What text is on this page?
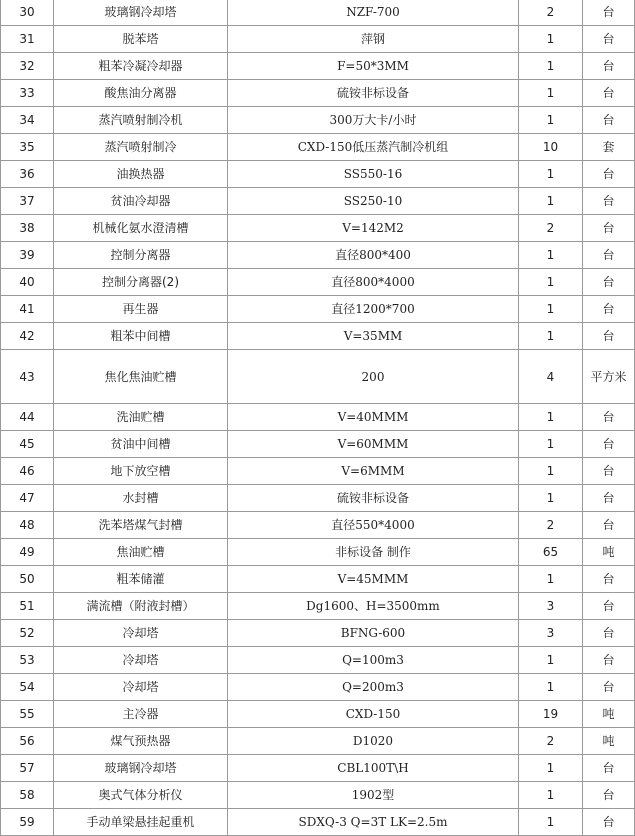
30	玻璃钢冷却塔	NZF-700	2	台
31	脱苯塔	萍钢	1	台
32	粗苯冷凝冷却器	F=50*3MM	1	台
33	酸焦油分离器	硫铵非标设备	1	台
34	蒸汽喷射制冷机	300万大卡/小时	1	台
35	蒸汽喷射制冷	CXD-150低压蒸汽制冷机组	10	套
36	油换热器	SS550-16	1	台
37	贫油冷却器	SS250-10	1	台
38	机械化氨水澄清槽	V=142M2	2	台
39	控制分离器	直径800*400	1	台
40	控制分离器(2)	直径800*4000	1	台
41	再生器	直径1200*700	1	台
42	粗苯中间槽	V=35MM	1	台
43	焦化焦油贮槽	200	4	平方米
44	洗油贮槽	V=40MMM	1	台
45	贫油中间槽	V=60MMM	1	台
46	地下放空槽	V=6MMM	1	台
47	水封槽	硫铵非标设备	1	台
48	洗苯塔煤气封槽	直径550*4000	2	台
49	焦油贮槽	非标设备 制作	65	吨
50	粗苯储灌	V=45MMM	1	台
51	满流槽（附液封槽）	Dg1600、H=3500mm	3	台
52	冷却塔	BFNG-600	3	台
53	冷却塔	Q=100m3	1	台
54	冷却塔	Q=200m3	1	台
55	主冷器	CXD-150	19	吨
56	煤气预热器	D1020	2	吨
57	玻璃钢冷却塔	CBL100T\H	1	台
58	奥式气体分析仪	1902型	1	台
59	手动单梁悬挂起重机	SDXQ-3 Q=3T LK=2.5m	1	台
